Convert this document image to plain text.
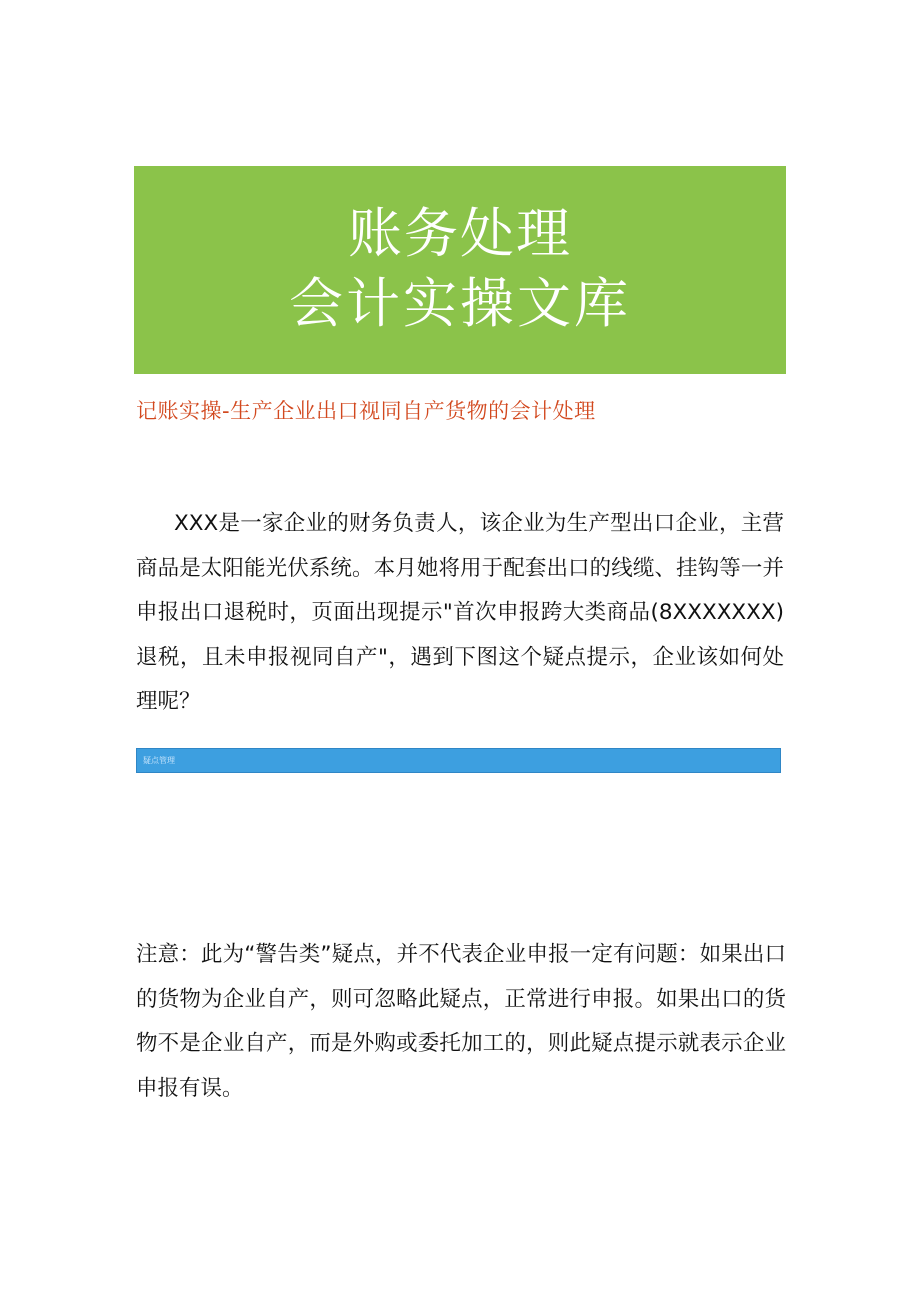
账务处理
会计实操文库
记账实操-生产企业出口视同自产货物的会计处理
XXX是一家企业的财务负责人，该企业为生产型出口企业，主营商品是太阳能光伏系统。本月她将用于配套出口的线缆、挂钩等一并申报出口退税时，页面出现提示"首次申报跨大类商品(8XXXXXXX)退税，且未申报视同自产"，遇到下图这个疑点提示，企业该如何处理呢？
疑点管理
注意：此为“警告类”疑点，并不代表企业申报一定有问题：如果出口的货物为企业自产，则可忽略此疑点，正常进行申报。如果出口的货物不是企业自产，而是外购或委托加工的，则此疑点提示就表示企业申报有误。
